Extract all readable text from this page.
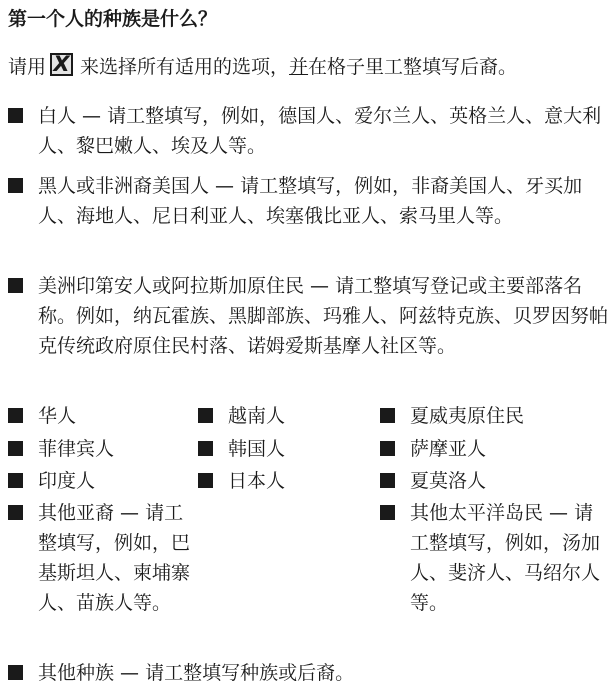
第一个人的种族是什么？
请用 X 来选择所有适用的选项，并在格子里工整填写后裔。
白人 — 请工整填写，例如，德国人、爱尔兰人、英格兰人、意大利人、黎巴嫩人、埃及人等。
黑人或非洲裔美国人 — 请工整填写，例如，非裔美国人、牙买加人、海地人、尼日利亚人、埃塞俄比亚人、索马里人等。
美洲印第安人或阿拉斯加原住民 — 请工整填写登记或主要部落名称。例如，纳瓦霍族、黑脚部族、玛雅人、阿兹特克族、贝罗因努帕克传统政府原住民村落、诺姆爱斯基摩人社区等。
华人
菲律宾人
印度人
其他亚裔 — 请工整填写，例如，巴基斯坦人、柬埔寨人、苗族人等。
越南人
韩国人
日本人
夏威夷原住民
萨摩亚人
夏莫洛人
其他太平洋岛民 — 请工整填写，例如，汤加人、斐济人、马绍尔人等。
其他种族 — 请工整填写种族或后裔。
